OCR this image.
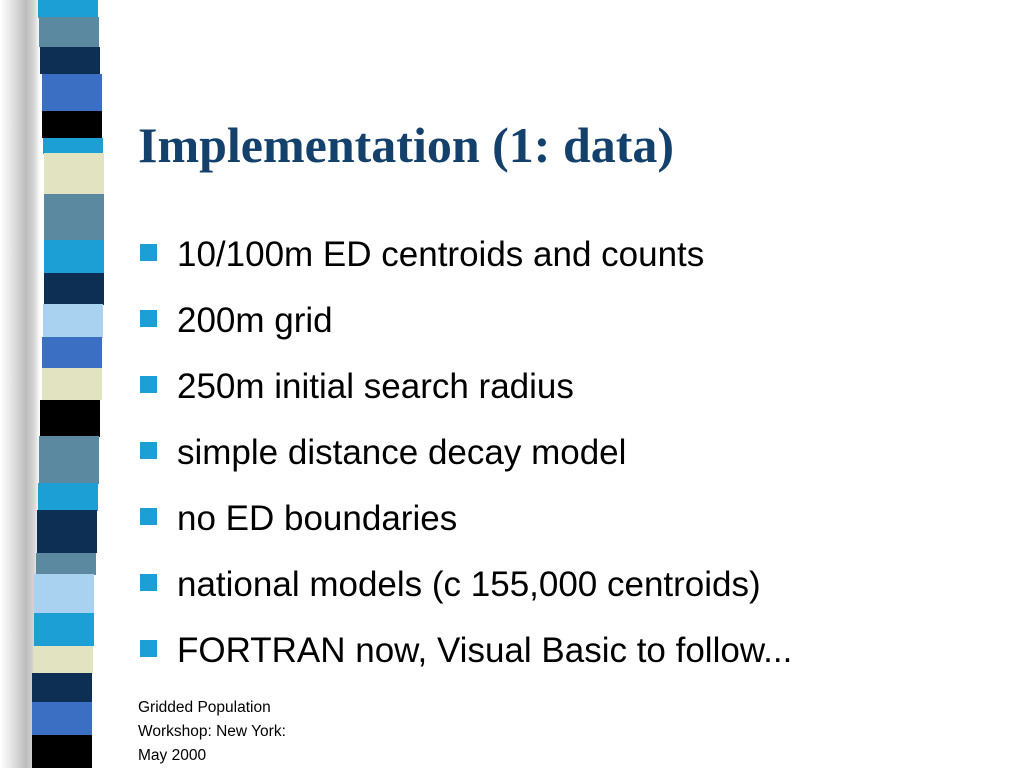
Implementation (1: data)
10/100m ED centroids and counts
200m grid
250m initial search radius
simple distance decay model
no ED boundaries
national models (c 155,000 centroids)
FORTRAN now, Visual Basic to follow...
Gridded Population
Workshop: New York:
May 2000
